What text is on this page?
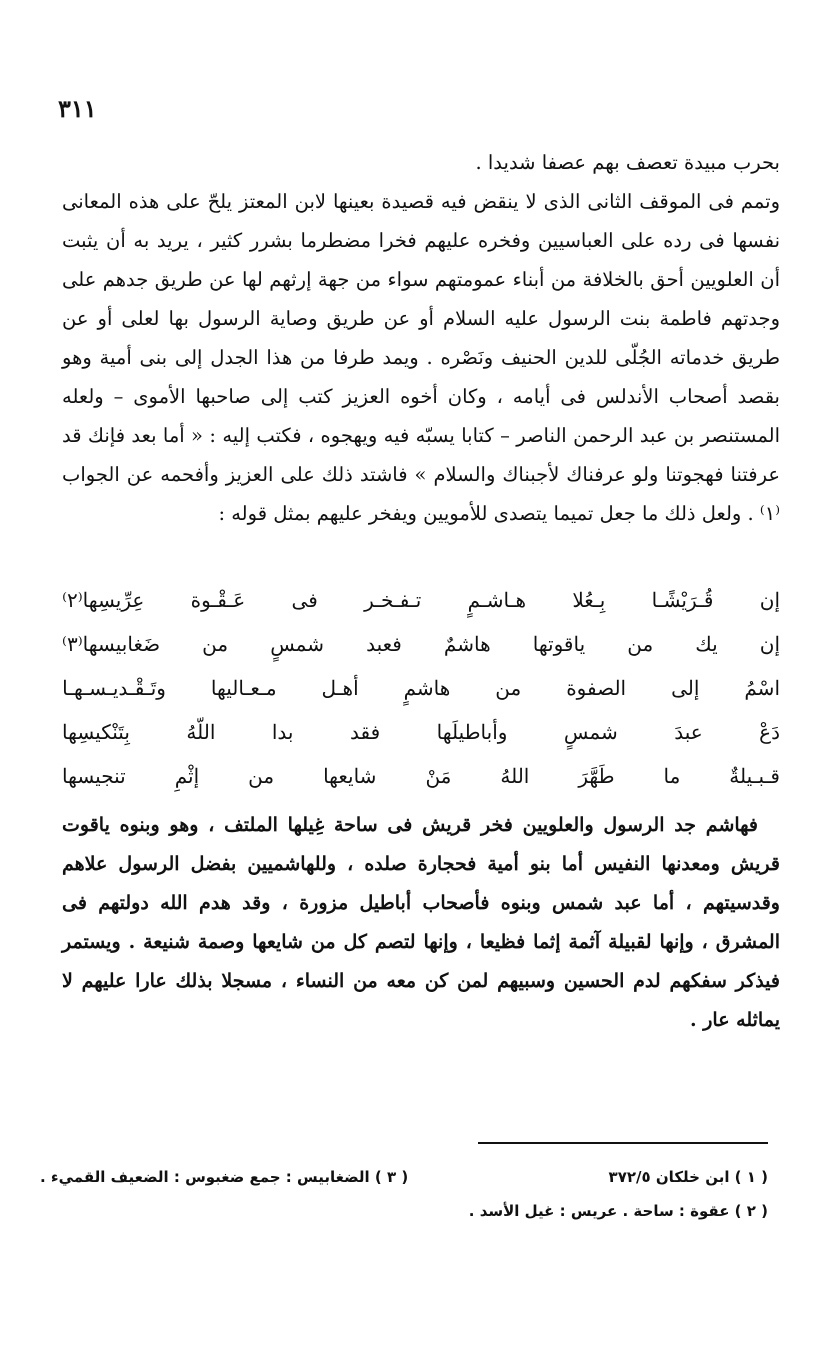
٣١١

بحرب مبيدة تعصف بهم عصفا شديدا .

وتمم فى الموقف الثانى الذى لا ينقض فيه قصيدة بعينها لابن المعتز يلحّ على هذه المعانى نفسها فى رده على العباسيين وفخره عليهم فخرا مضطرما بشرر كثير ، يريد به أن يثبت أن العلويين أحق بالخلافة من أبناء عمومتهم سواء من جهة إرثهم لها عن طريق جدهم على وجدتهم فاطمة بنت الرسول عليه السلام أو عن طريق وصاية الرسول بها لعلى أو عن طريق خدماته الجُلّى للدين الحنيف ونَصْره . ويمد طرفا من هذا الجدل إلى بنى أمية وهو بقصد أصحاب الأندلس فى أيامه ، وكان أخوه العزيز كتب إلى صاحبها الأموى – ولعله المستنصر بن عبد الرحمن الناصر – كتابا يسبّه فيه ويهجوه ، فكتب إليه : « أما بعد فإنك قد عرفتنا فهجوتنا ولو عرفناك لأجبناك والسلام » فاشتد ذلك على العزيز وأفحمه عن الجواب ⁽١⁾ . ولعل ذلك ما جعل تميما يتصدى للأمويين ويفخر عليهم بمثل قوله :

إن
قُـرَيْشًـا
بِـعُلا
هـاشـمٍ
تـفـخـر
فى
عَـقْـوة
عِرِّيسِها⁽٢⁾
إن
يك
من
ياقوتها
هاشمٌ
فعبد
شمسٍ
من
ضَغابيسها⁽٣⁾
اسْمُ
إلى
الصفوة
من
هاشمٍ
أهـل
مـعـاليها
وتَـقْـديـسـهـا
دَعْ
عبدَ
شمسٍ
وأباطيلَها
فقد
بدا
اللّهُ
بِتَنْكيسِها
قـبـيلةٌ
ما
طَهَّرَ
اللهُ
مَنْ
شايعها
من
إثْمِ
تنجيسها

فهاشم جد الرسول والعلويين فخر قريش فى ساحة غِيلها الملتف ، وهو وبنوه ياقوت قريش ومعدنها النفيس أما بنو أمية فحجارة صلده ، وللهاشميين بفضل الرسول علاهم وقدسيتهم ، أما عبد شمس وبنوه فأصحاب أباطيل مزورة ، وقد هدم الله دولتهم فى المشرق ، وإنها لقبيلة آثمة إثما فظيعا ، وإنها لتصم كل من شايعها وصمة شنيعة . ويستمر فيذكر سفكهم لدم الحسين وسبيهم لمن كن معه من النساء ، مسجلا بذلك عارا عليهم لا يماثله عار .

( ١ ) ابن خلكان ٣٧٢/٥
( ٣ ) الضغابيس : جمع ضغبوس : الضعيف القميء .
( ٢ ) عقوة : ساحة . عريس : غيل الأسد .
